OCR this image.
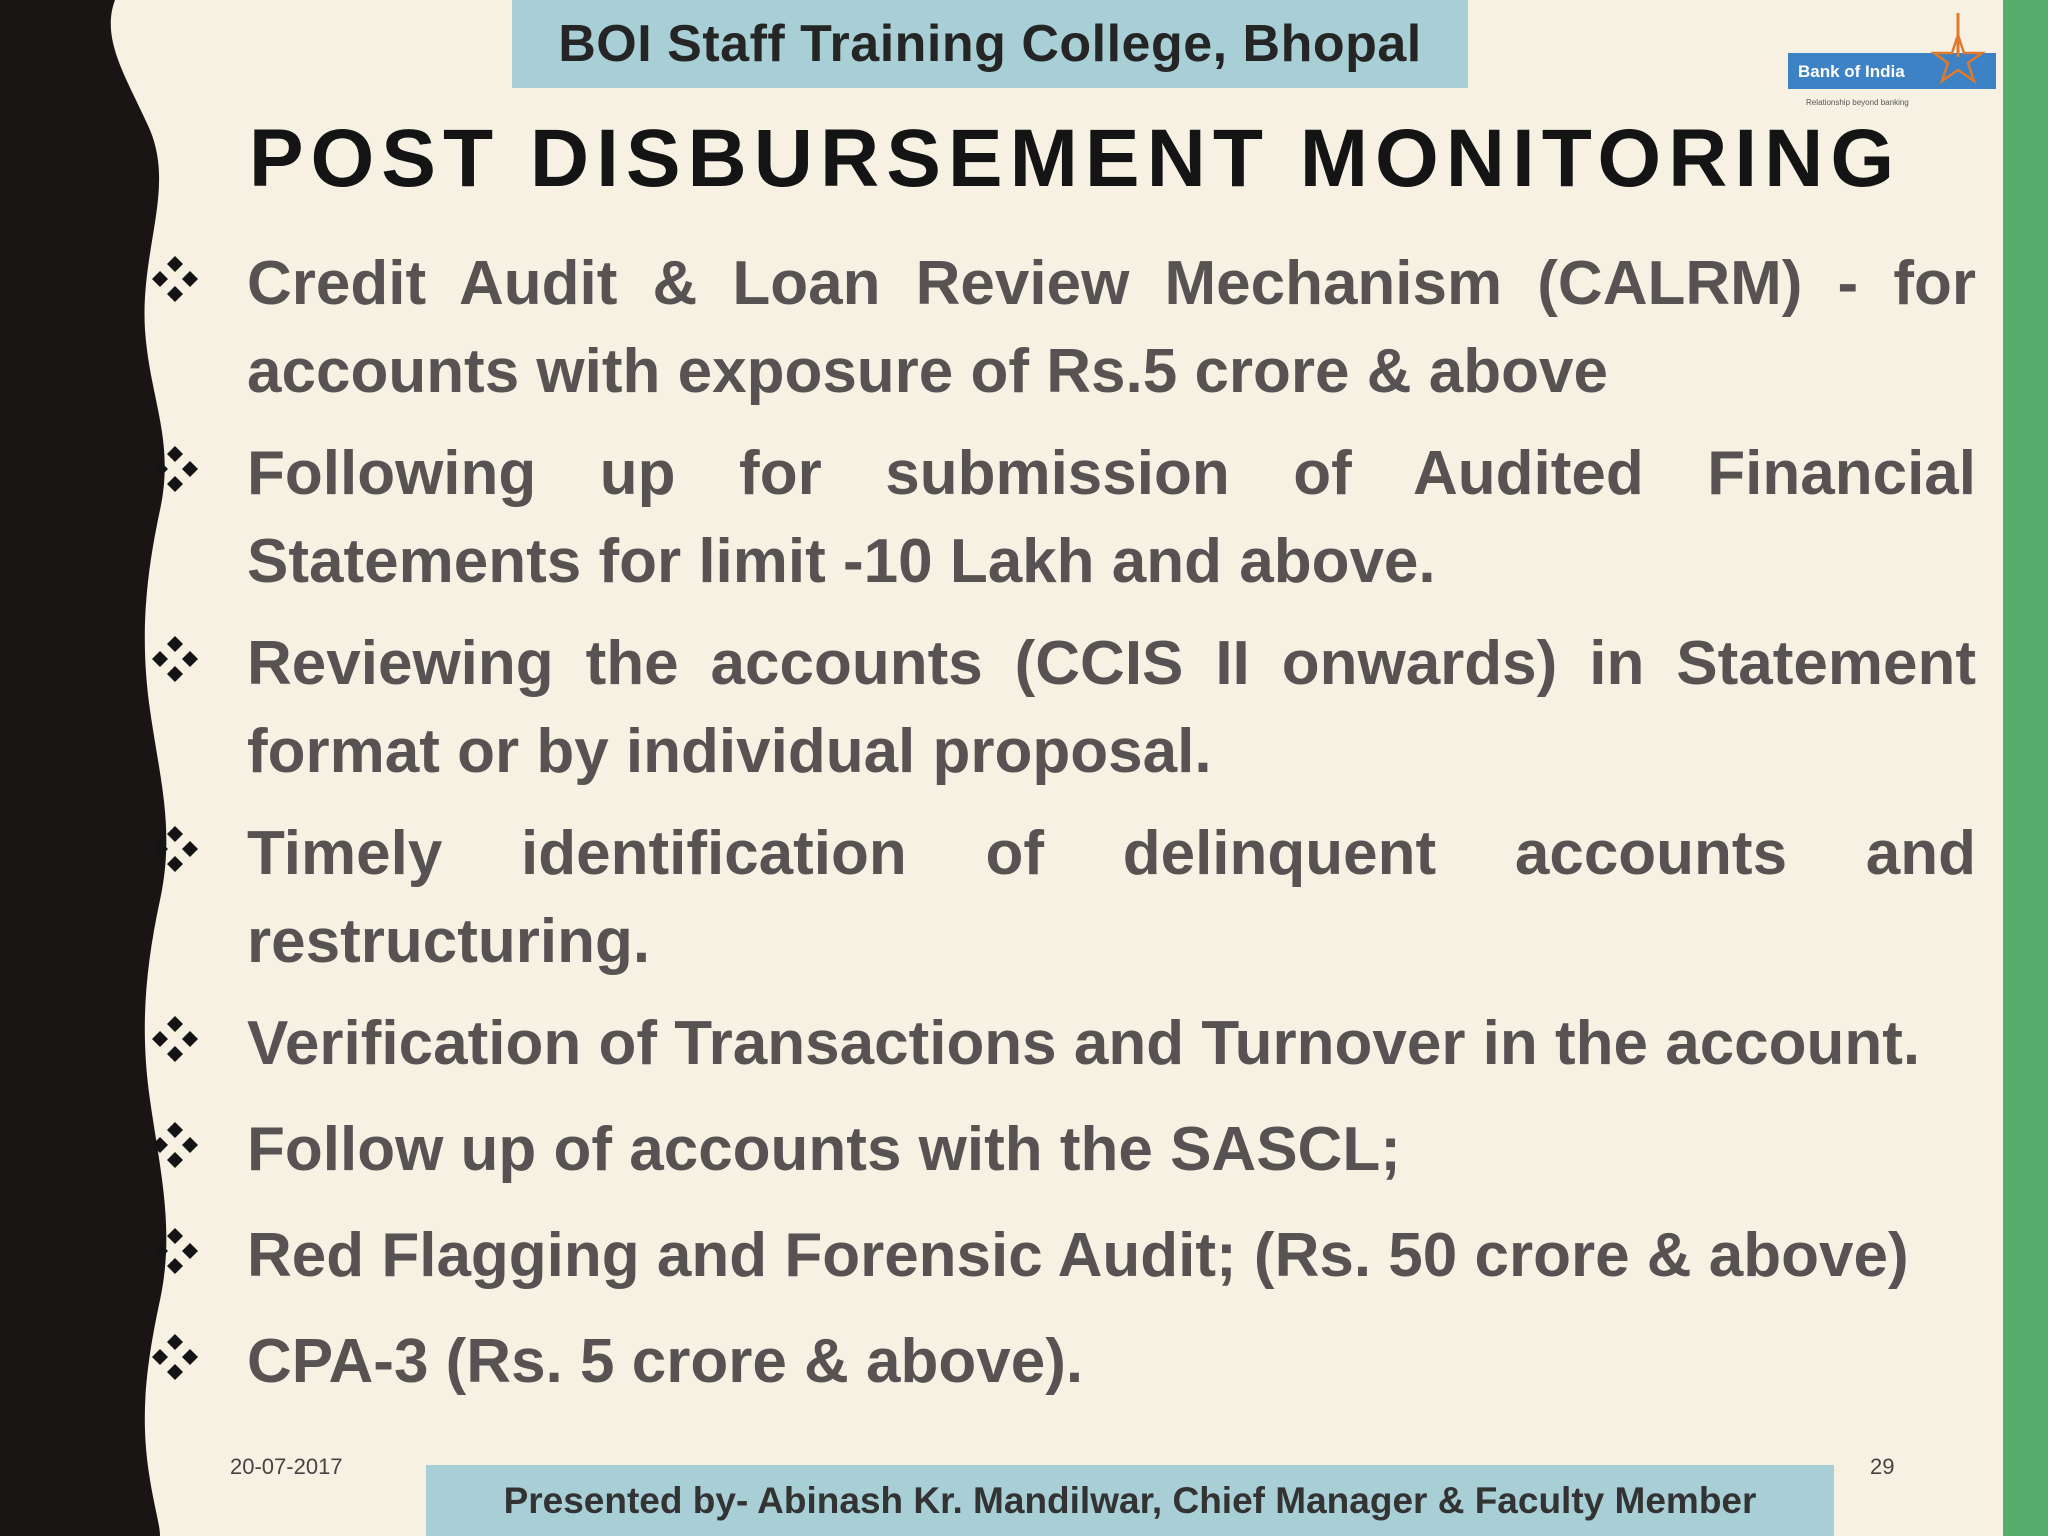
BOI Staff Training College, Bhopal	Bank of India
Relationship beyond banking
POST DISBURSEMENT MONITORING
Credit Audit & Loan Review Mechanism (CALRM) - for accounts with exposure of Rs.5 crore & above
Following up for submission of Audited Financial Statements for limit -10 Lakh and above.
Reviewing the accounts (CCIS II onwards) in Statement format or by individual proposal.
Timely identification of delinquent accounts and restructuring.
Verification of Transactions and Turnover in the account.
Follow up of accounts with the SASCL;
Red Flagging and Forensic Audit; (Rs. 50 crore & above)
CPA-3 (Rs. 5 crore & above).
20-07-2017	29
Presented by- Abinash Kr. Mandilwar, Chief Manager & Faculty Member
